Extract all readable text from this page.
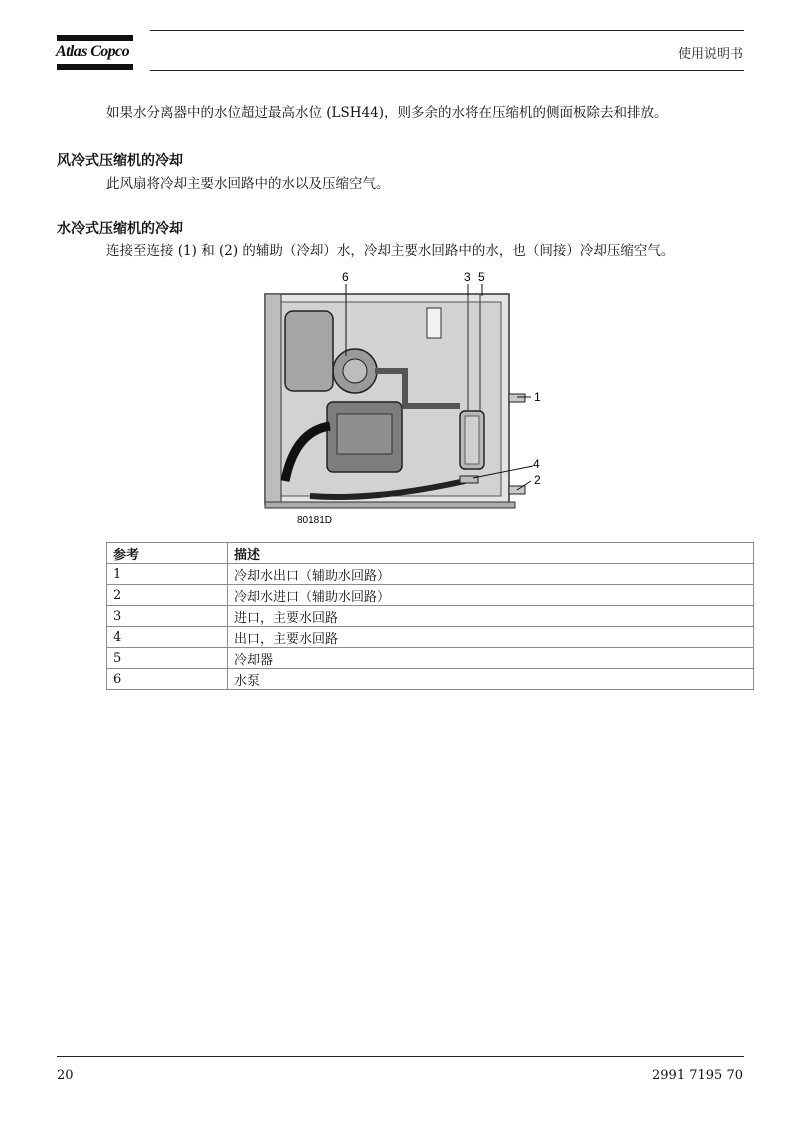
Atlas Copco	使用说明书
如果水分离器中的水位超过最高水位 (LSH44)，则多余的水将在压缩机的侧面板除去和排放。
风冷式压缩机的冷却
此风扇将冷却主要水回路中的水以及压缩空气。
水冷式压缩机的冷却
连接至连接 (1) 和 (2) 的辅助（冷却）水，冷却主要水回路中的水，也（间接）冷却压缩空气。
6	3 5
1
4
2
80181D
参考	描述
1	冷却水出口（辅助水回路）
2	冷却水进口（辅助水回路）
3	进口，主要水回路
4	出口，主要水回路
5	冷却器
6	水泵
20	2991 7195 70
